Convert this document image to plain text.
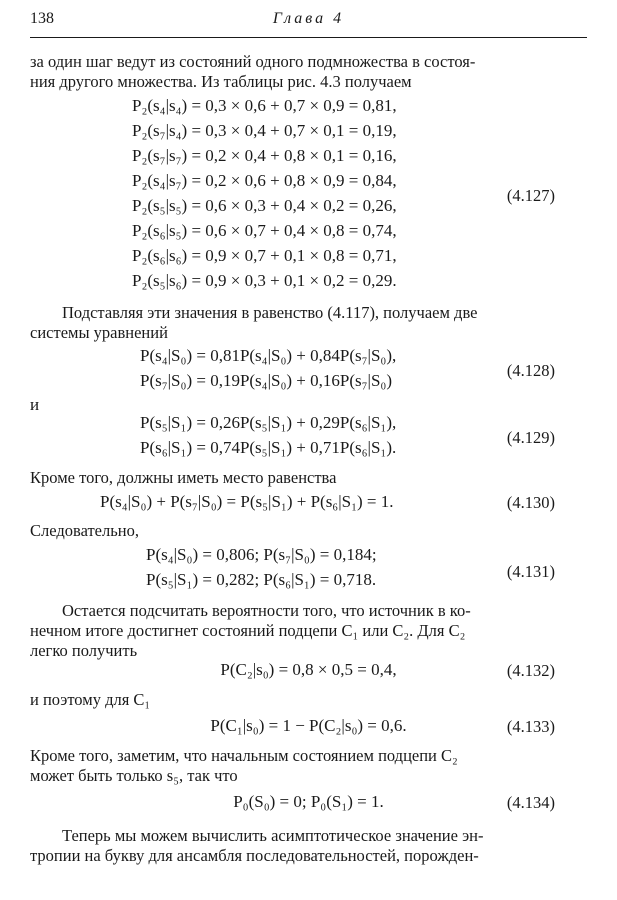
138	Глава 4
за один шаг ведут из состояний одного подмножества в состоя-
ния другого множества. Из таблицы рис. 4.3 получаем
P₂(s₄|s₄) = 0,3 × 0,6 + 0,7 × 0,9 = 0,81,
P₂(s₇|s₄) = 0,3 × 0,4 + 0,7 × 0,1 = 0,19,
P₂(s₇|s₇) = 0,2 × 0,4 + 0,8 × 0,1 = 0,16,
P₂(s₄|s₇) = 0,2 × 0,6 + 0,8 × 0,9 = 0,84,
P₂(s₅|s₅) = 0,6 × 0,3 + 0,4 × 0,2 = 0,26,
P₂(s₆|s₅) = 0,6 × 0,7 + 0,4 × 0,8 = 0,74,
P₂(s₆|s₆) = 0,9 × 0,7 + 0,1 × 0,8 = 0,71,
P₂(s₅|s₆) = 0,9 × 0,3 + 0,1 × 0,2 = 0,29.
(4.127)
Подставляя эти значения в равенство (4.117), получаем две
системы уравнений
P(s₄|S₀) = 0,81P(s₄|S₀) + 0,84P(s₇|S₀),
P(s₇|S₀) = 0,19P(s₄|S₀) + 0,16P(s₇|S₀)
(4.128)
и
P(s₅|S₁) = 0,26P(s₅|S₁) + 0,29P(s₆|S₁),
P(s₆|S₁) = 0,74P(s₅|S₁) + 0,71P(s₆|S₁).
(4.129)
Кроме того, должны иметь место равенства
P(s₄|S₀) + P(s₇|S₀) = P(s₅|S₁) + P(s₆|S₁) = 1.	(4.130)
Следовательно,
P(s₄|S₀) = 0,806; P(s₇|S₀) = 0,184;
P(s₅|S₁) = 0,282; P(s₆|S₁) = 0,718.	(4.131)
Остается подсчитать вероятности того, что источник в ко-
нечном итоге достигнет состояний подцепи C₁ или C₂. Для C₂
легко получить
P(C₂|s₀) = 0,8 × 0,5 = 0,4,	(4.132)
и поэтому для C₁
P(C₁|s₀) = 1 − P(C₂|s₀) = 0,6.	(4.133)
Кроме того, заметим, что начальным состоянием подцепи C₂
может быть только s₅, так что
P₀(S₀) = 0; P₀(S₁) = 1.	(4.134)
Теперь мы можем вычислить асимптотическое значение эн-
тропии на букву для ансамбля последовательностей, порожден-
